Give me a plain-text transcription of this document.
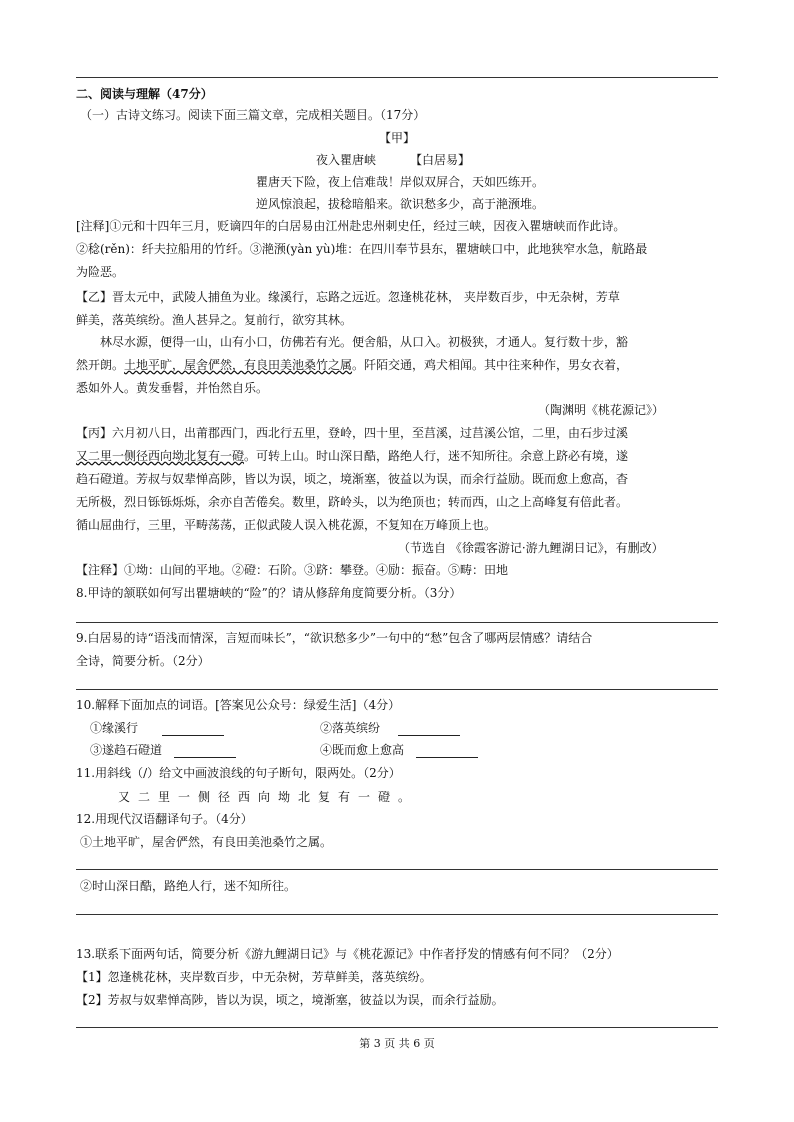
二、阅读与理解（47分）
（一）古诗文练习。阅读下面三篇文章，完成相关题目。（17分）
【甲】
夜入瞿唐峡	【白居易】
瞿唐天下险，夜上信难哉！岸似双屏合，天如匹练开。
逆风惊浪起，拔稔暗船来。欲识愁多少，高于滟滪堆。
[注释]①元和十四年三月，贬谪四年的白居易由江州赴忠州刺史任，经过三峡，因夜入瞿塘峡而作此诗。
②稔(rěn)：纤夫拉船用的竹纤。③滟滪(yàn yù)堆：在四川奉节县东，瞿塘峡口中，此地狭窄水急，航路最
为险恶。
【乙】晋太元中，武陵人捕鱼为业。缘溪行，忘路之远近。忽逢桃花林， 夹岸数百步，中无杂树，芳草
鲜美，落英缤纷。渔人甚异之。复前行，欲穷其林。
林尽水源，便得一山，山有小口，仿佛若有光。便舍船，从口入。初极狭，才通人。复行数十步，豁
然开朗。土地平旷，屋舍俨然，有良田美池桑竹之属。阡陌交通，鸡犬相闻。其中往来种作，男女衣着，
悉如外人。黄发垂髫，并怡然自乐。
（陶渊明《桃花源记》）
【丙】六月初八日，出莆郡西门，西北行五里，登岭，四十里，至莒溪，过莒溪公馆，二里，由石步过溪
又二里一侧径西向坳北复有一磴。可转上山。时山深日酷，路绝人行，迷不知所往。余意上跻必有境，遂
趋石磴道。芳叔与奴辈惮高陟，皆以为误，顷之，境渐塞，彼益以为误，而余行益励。既而愈上愈高，杳
无所极，烈日铄铄烁烁，余亦自苦倦矣。数里，跻岭头，以为绝顶也；转而西，山之上高峰复有倍此者。
循山屈曲行，三里，平畴荡荡，正似武陵人误入桃花源，不复知在万峰顶上也。
（节选自 《徐霞客游记·游九鲤湖日记》，有删改）
【注释】①坳：山间的平地。②磴：石阶。③跻：攀登。④励：振奋。⑤畴：田地
8.甲诗的颔联如何写出瞿塘峡的“险”的？请从修辞角度简要分析。（3分）
9.白居易的诗“语浅而情深，言短而味长”，“欲识愁多少”一句中的“愁”包含了哪两层情感？请结合
全诗，简要分析。（2分）
10.解释下面加点的词语。[答案见公众号：绿爱生活]（4分）
①缘溪行	②落英缤纷
③遂趋石磴道	④既而愈上愈高
11.用斜线（/）给文中画波浪线的句子断句，限两处。（2分）
又二里一侧径西向坳北复有一磴。
12.用现代汉语翻译句子。（4分）
①土地平旷，屋舍俨然，有良田美池桑竹之属。
②时山深日酷，路绝人行，迷不知所往。
13.联系下面两句话，简要分析《游九鲤湖日记》与《桃花源记》中作者抒发的情感有何不同？（2分）
【1】忽逢桃花林，夹岸数百步，中无杂树，芳草鲜美，落英缤纷。
【2】芳叔与奴辈惮高陟，皆以为误，顷之，境渐塞，彼益以为误，而余行益励。
第 3 页 共 6 页
